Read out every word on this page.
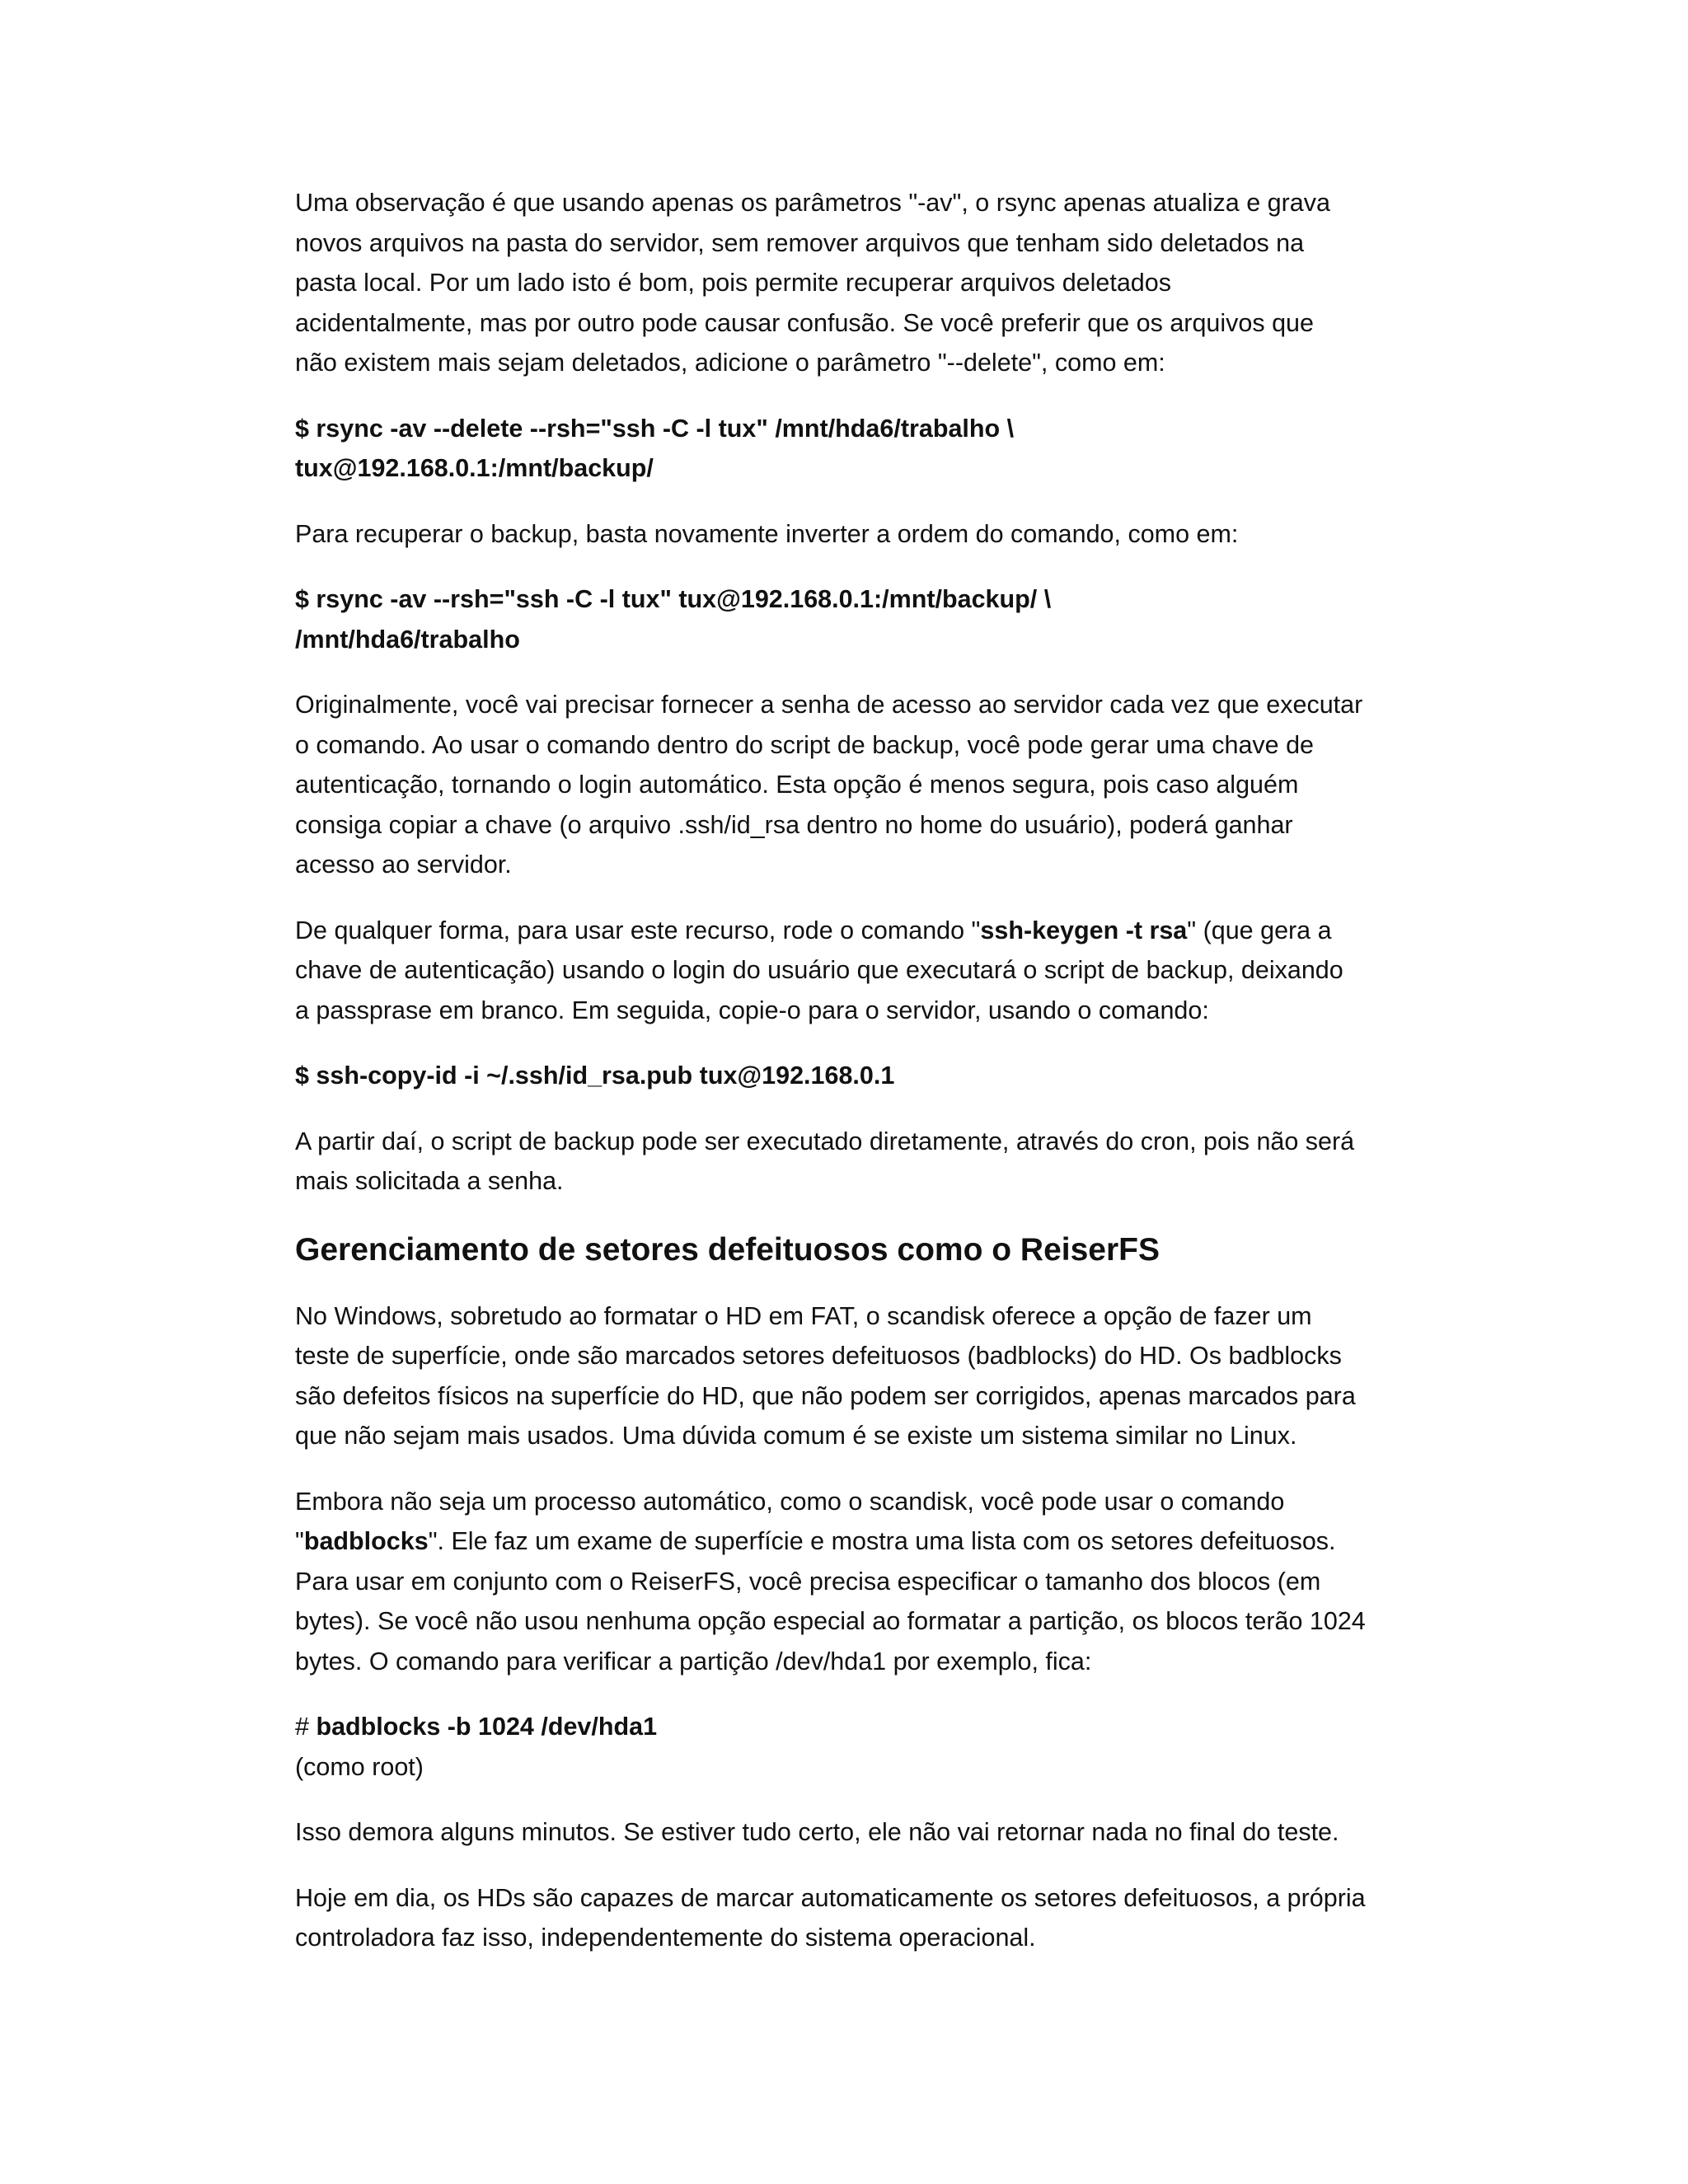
Uma observação é que usando apenas os parâmetros "-av", o rsync apenas atualiza e grava
novos arquivos na pasta do servidor, sem remover arquivos que tenham sido deletados na
pasta local. Por um lado isto é bom, pois permite recuperar arquivos deletados
acidentalmente, mas por outro pode causar confusão. Se você preferir que os arquivos que
não existem mais sejam deletados, adicione o parâmetro "--delete", como em:

$ rsync -av --delete --rsh="ssh -C -l tux" /mnt/hda6/trabalho \
tux@192.168.0.1:/mnt/backup/

Para recuperar o backup, basta novamente inverter a ordem do comando, como em:

$ rsync -av --rsh="ssh -C -l tux" tux@192.168.0.1:/mnt/backup/ \
/mnt/hda6/trabalho

Originalmente, você vai precisar fornecer a senha de acesso ao servidor cada vez que executar
o comando. Ao usar o comando dentro do script de backup, você pode gerar uma chave de
autenticação, tornando o login automático. Esta opção é menos segura, pois caso alguém
consiga copiar a chave (o arquivo .ssh/id_rsa dentro no home do usuário), poderá ganhar
acesso ao servidor.

De qualquer forma, para usar este recurso, rode o comando "ssh-keygen -t rsa" (que gera a
chave de autenticação) usando o login do usuário que executará o script de backup, deixando
a passprase em branco. Em seguida, copie-o para o servidor, usando o comando:

$ ssh-copy-id -i ~/.ssh/id_rsa.pub tux@192.168.0.1

A partir daí, o script de backup pode ser executado diretamente, através do cron, pois não será
mais solicitada a senha.

Gerenciamento de setores defeituosos como o ReiserFS

No Windows, sobretudo ao formatar o HD em FAT, o scandisk oferece a opção de fazer um
teste de superfície, onde são marcados setores defeituosos (badblocks) do HD. Os badblocks
são defeitos físicos na superfície do HD, que não podem ser corrigidos, apenas marcados para
que não sejam mais usados. Uma dúvida comum é se existe um sistema similar no Linux.

Embora não seja um processo automático, como o scandisk, você pode usar o comando
"badblocks". Ele faz um exame de superfície e mostra uma lista com os setores defeituosos.
Para usar em conjunto com o ReiserFS, você precisa especificar o tamanho dos blocos (em
bytes). Se você não usou nenhuma opção especial ao formatar a partição, os blocos terão 1024
bytes. O comando para verificar a partição /dev/hda1 por exemplo, fica:

# badblocks -b 1024 /dev/hda1
(como root)

Isso demora alguns minutos. Se estiver tudo certo, ele não vai retornar nada no final do teste.

Hoje em dia, os HDs são capazes de marcar automaticamente os setores defeituosos, a própria
controladora faz isso, independentemente do sistema operacional.
